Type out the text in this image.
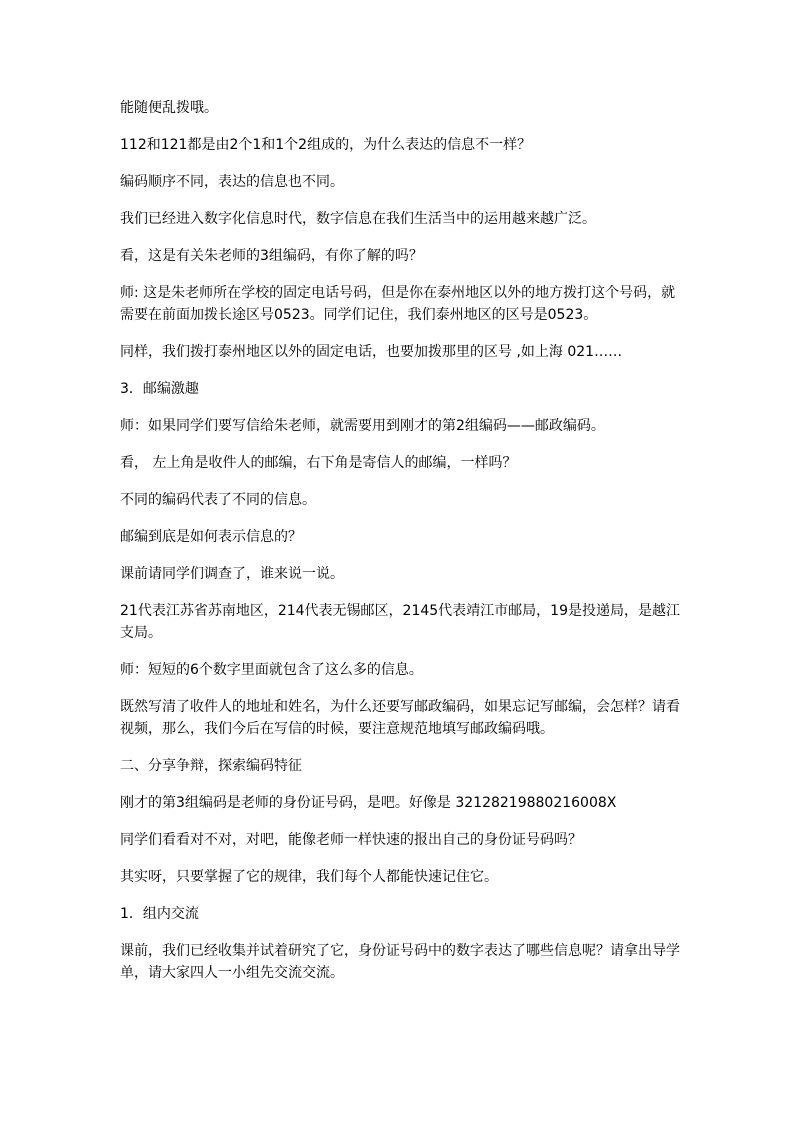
能随便乱拨哦。

112和121都是由2个1和1个2组成的，为什么表达的信息不一样？

编码顺序不同，表达的信息也不同。

我们已经进入数字化信息时代，数字信息在我们生活当中的运用越来越广泛。

看，这是有关朱老师的3组编码，有你了解的吗？

师: 这是朱老师所在学校的固定电话号码，但是你在泰州地区以外的地方拨打这个号码，就需要在前面加拨长途区号0523。同学们记住，我们泰州地区的区号是0523。

同样，我们拨打泰州地区以外的固定电话，也要加拨那里的区号 ,如上海 021……

3．邮编激趣

师：如果同学们要写信给朱老师，就需要用到刚才的第2组编码——邮政编码。

看， 左上角是收件人的邮编，右下角是寄信人的邮编，一样吗？

不同的编码代表了不同的信息。

邮编到底是如何表示信息的？

课前请同学们调查了，谁来说一说。

21代表江苏省苏南地区，214代表无锡邮区，2145代表靖江市邮局，19是投递局，是越江支局。

师：短短的6个数字里面就包含了这么多的信息。

既然写清了收件人的地址和姓名，为什么还要写邮政编码，如果忘记写邮编，会怎样？请看视频，那么，我们今后在写信的时候，要注意规范地填写邮政编码哦。

二、分享争辩，探索编码特征

刚才的第3组编码是老师的身份证号码，是吧。好像是 32128219880216008X

同学们看看对不对，对吧，能像老师一样快速的报出自己的身份证号码吗？

其实呀，只要掌握了它的规律，我们每个人都能快速记住它。

1．组内交流

课前，我们已经收集并试着研究了它，身份证号码中的数字表达了哪些信息呢？请拿出导学单，请大家四人一小组先交流交流。
